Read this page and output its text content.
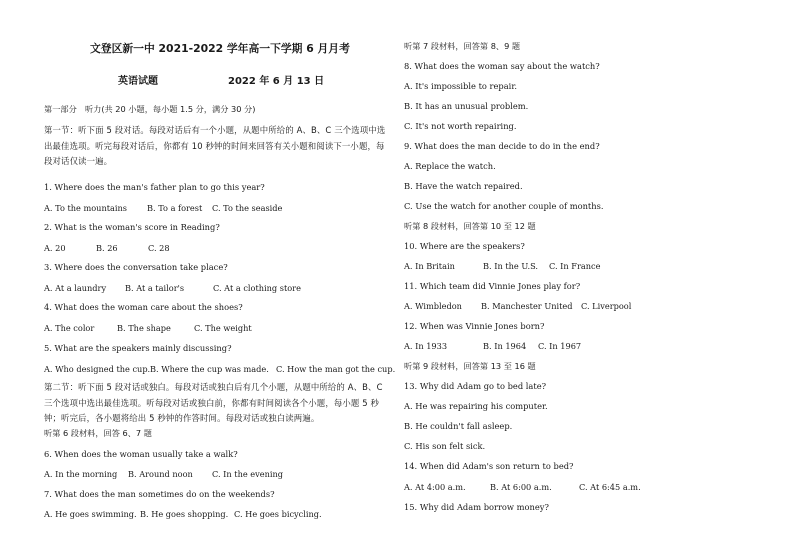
文登区新一中 2021-2022 学年高一下学期 6 月月考
英语试题	2022 年 6 月 13 日
第一部分　听力(共 20 小题，每小题 1.5 分，满分 30 分)
第一节：听下面 5 段对话。每段对话后有一个小题，从题中所给的 A、B、C 三个选项中选出最佳选项。听完每段对话后，你都有 10 秒钟的时间来回答有关小题和阅读下一小题，每段对话仅读一遍。
1. Where does the man's father plan to go this year?
A. To the mountains B. To a forest C. To the seaside
2. What is the woman's score in Reading?
A. 20	B. 26	C. 28
3. Where does the conversation take place?
A. At a laundry B. At a tailor's	C. At a clothing store
4. What does the woman care about the shoes?
A. The color	B. The shape	C. The weight
5. What are the speakers mainly discussing?
A. Who designed the cup. B. Where the cup was made. C. How the man got the cup.
第二节：听下面 5 段对话或独白。每段对话或独白后有几个小题，从题中所给的 A、B、C 三个选项中选出最佳选项。听每段对话或独白前，你都有时间阅读各个小题，每小题 5 秒钟；听完后，各小题将给出 5 秒钟的作答时间。每段对话或独白读两遍。
听第 6 段材料，回答 6、7 题
6. When does the woman usually take a walk?
A. In the morning B. Around noon C. In the evening
7. What does the man sometimes do on the weekends?
A. He goes swimming. B. He goes shopping. C. He goes bicycling.
听第 7 段材料，回答第 8、9 题
8. What does the woman say about the watch?
A. It's impossible to repair.
B. It has an unusual problem.
C. It's not worth repairing.
9. What does the man decide to do in the end?
A. Replace the watch.
B. Have the watch repaired.
C. Use the watch for another couple of months.
听第 8 段材料，回答第 10 至 12 题
10. Where are the speakers?
A. In Britain	B. In the U.S. C. In France
11. Which team did Vinnie Jones play for?
A. Wimbledon B. Manchester United C. Liverpool
12. When was Vinnie Jones born?
A. In 1933	B. In 1964 C. In 1967
听第 9 段材料，回答第 13 至 16 题
13. Why did Adam go to bed late?
A. He was repairing his computer.
B. He couldn't fall asleep.
C. His son felt sick.
14. When did Adam's son return to bed?
A. At 4:00 a.m.	B. At 6:00 a.m.	C. At 6:45 a.m.
15. Why did Adam borrow money?
